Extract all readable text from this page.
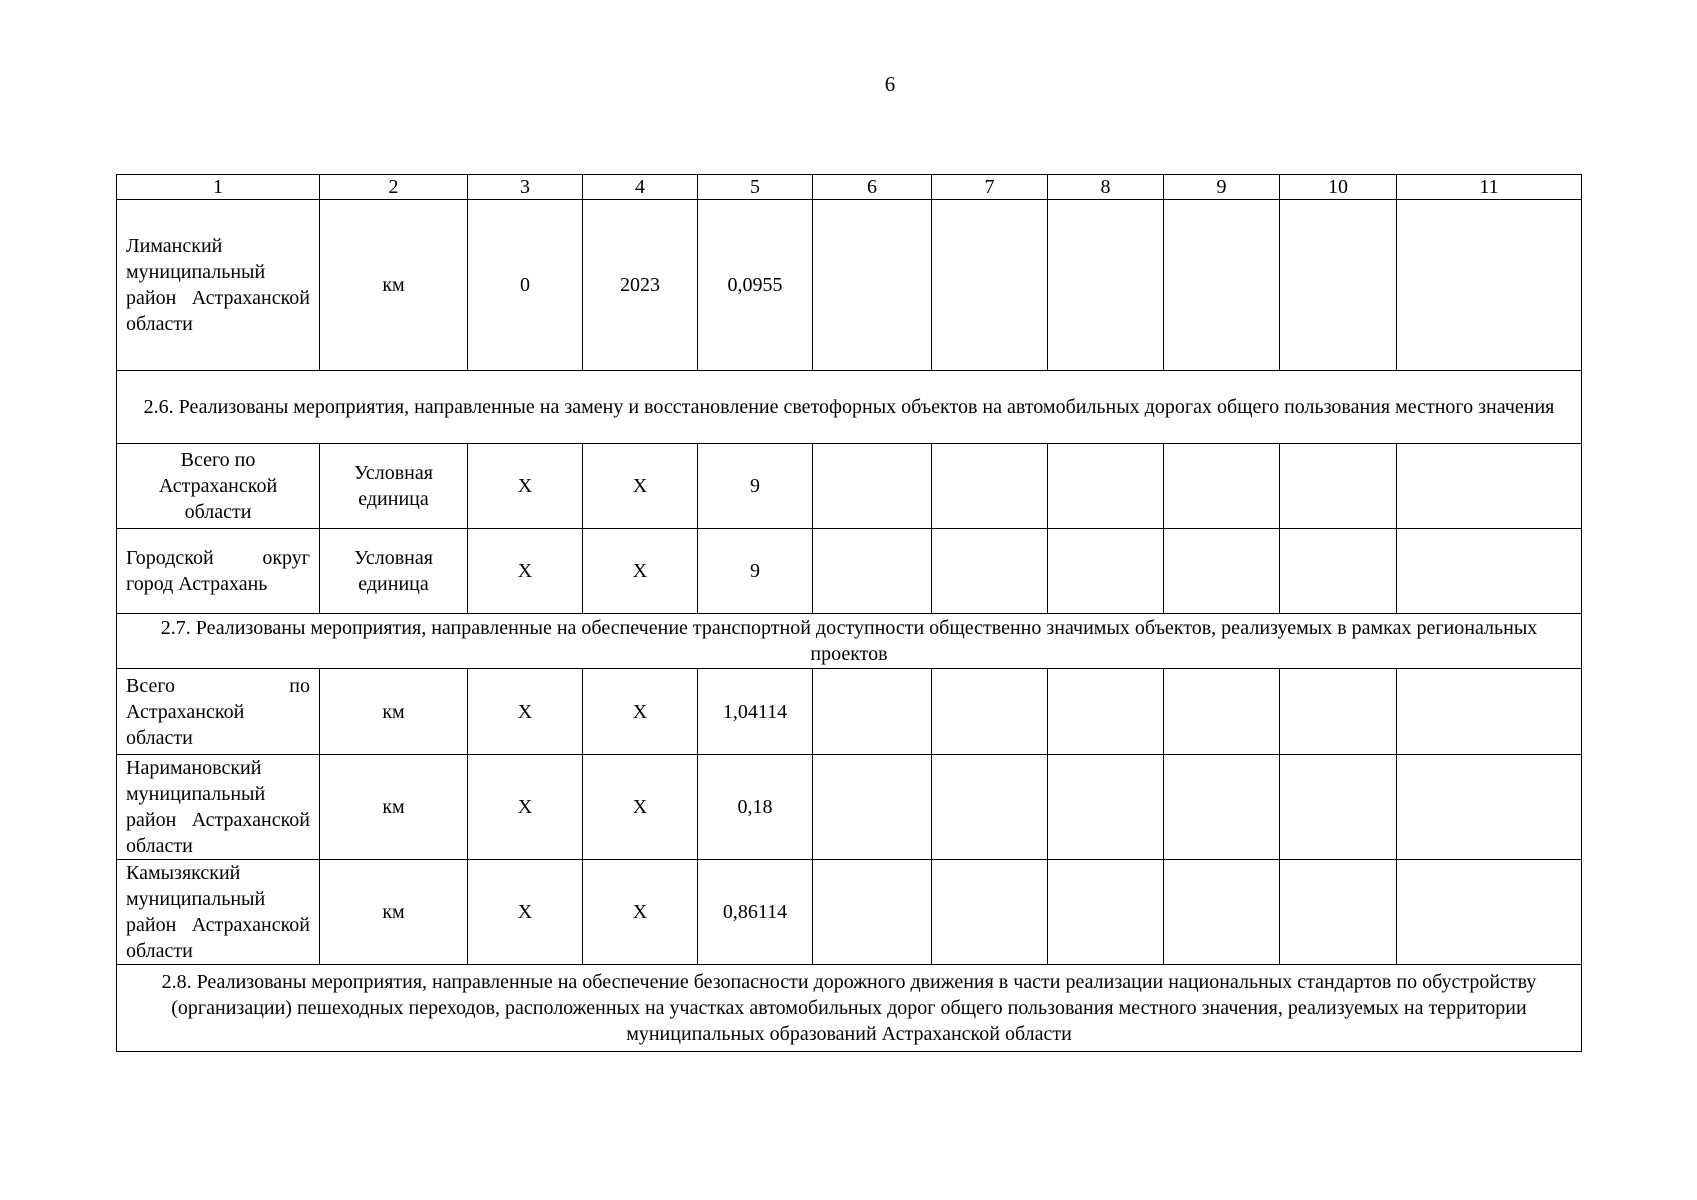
6
1	2	3	4	5	6	7	8	9	10	11
Лиманский муниципальный район Астраханской области	км	0	2023	0,0955						
2.6. Реализованы мероприятия, направленные на замену и восстановление светофорных объектов на автомобильных дорогах общего пользования местного значения										
Всего по Астраханской области	Условная единица	Х	Х	9						
Городской округ город Астрахань	Условная единица	Х	Х	9						
2.7. Реализованы мероприятия, направленные на обеспечение транспортной доступности общественно значимых объектов, реализуемых в рамках региональных проектов										
Всего по Астраханской области	км	Х	Х	1,04114						
Наримановский муниципальный район Астраханской области	км	Х	Х	0,18						
Камызякский муниципальный район Астраханской области	км	Х	Х	0,86114						
2.8. Реализованы мероприятия, направленные на обеспечение безопасности дорожного движения в части реализации национальных стандартов по обустройству (организации) пешеходных переходов, расположенных на участках автомобильных дорог общего пользования местного значения, реализуемых на территории муниципальных образований Астраханской области										
